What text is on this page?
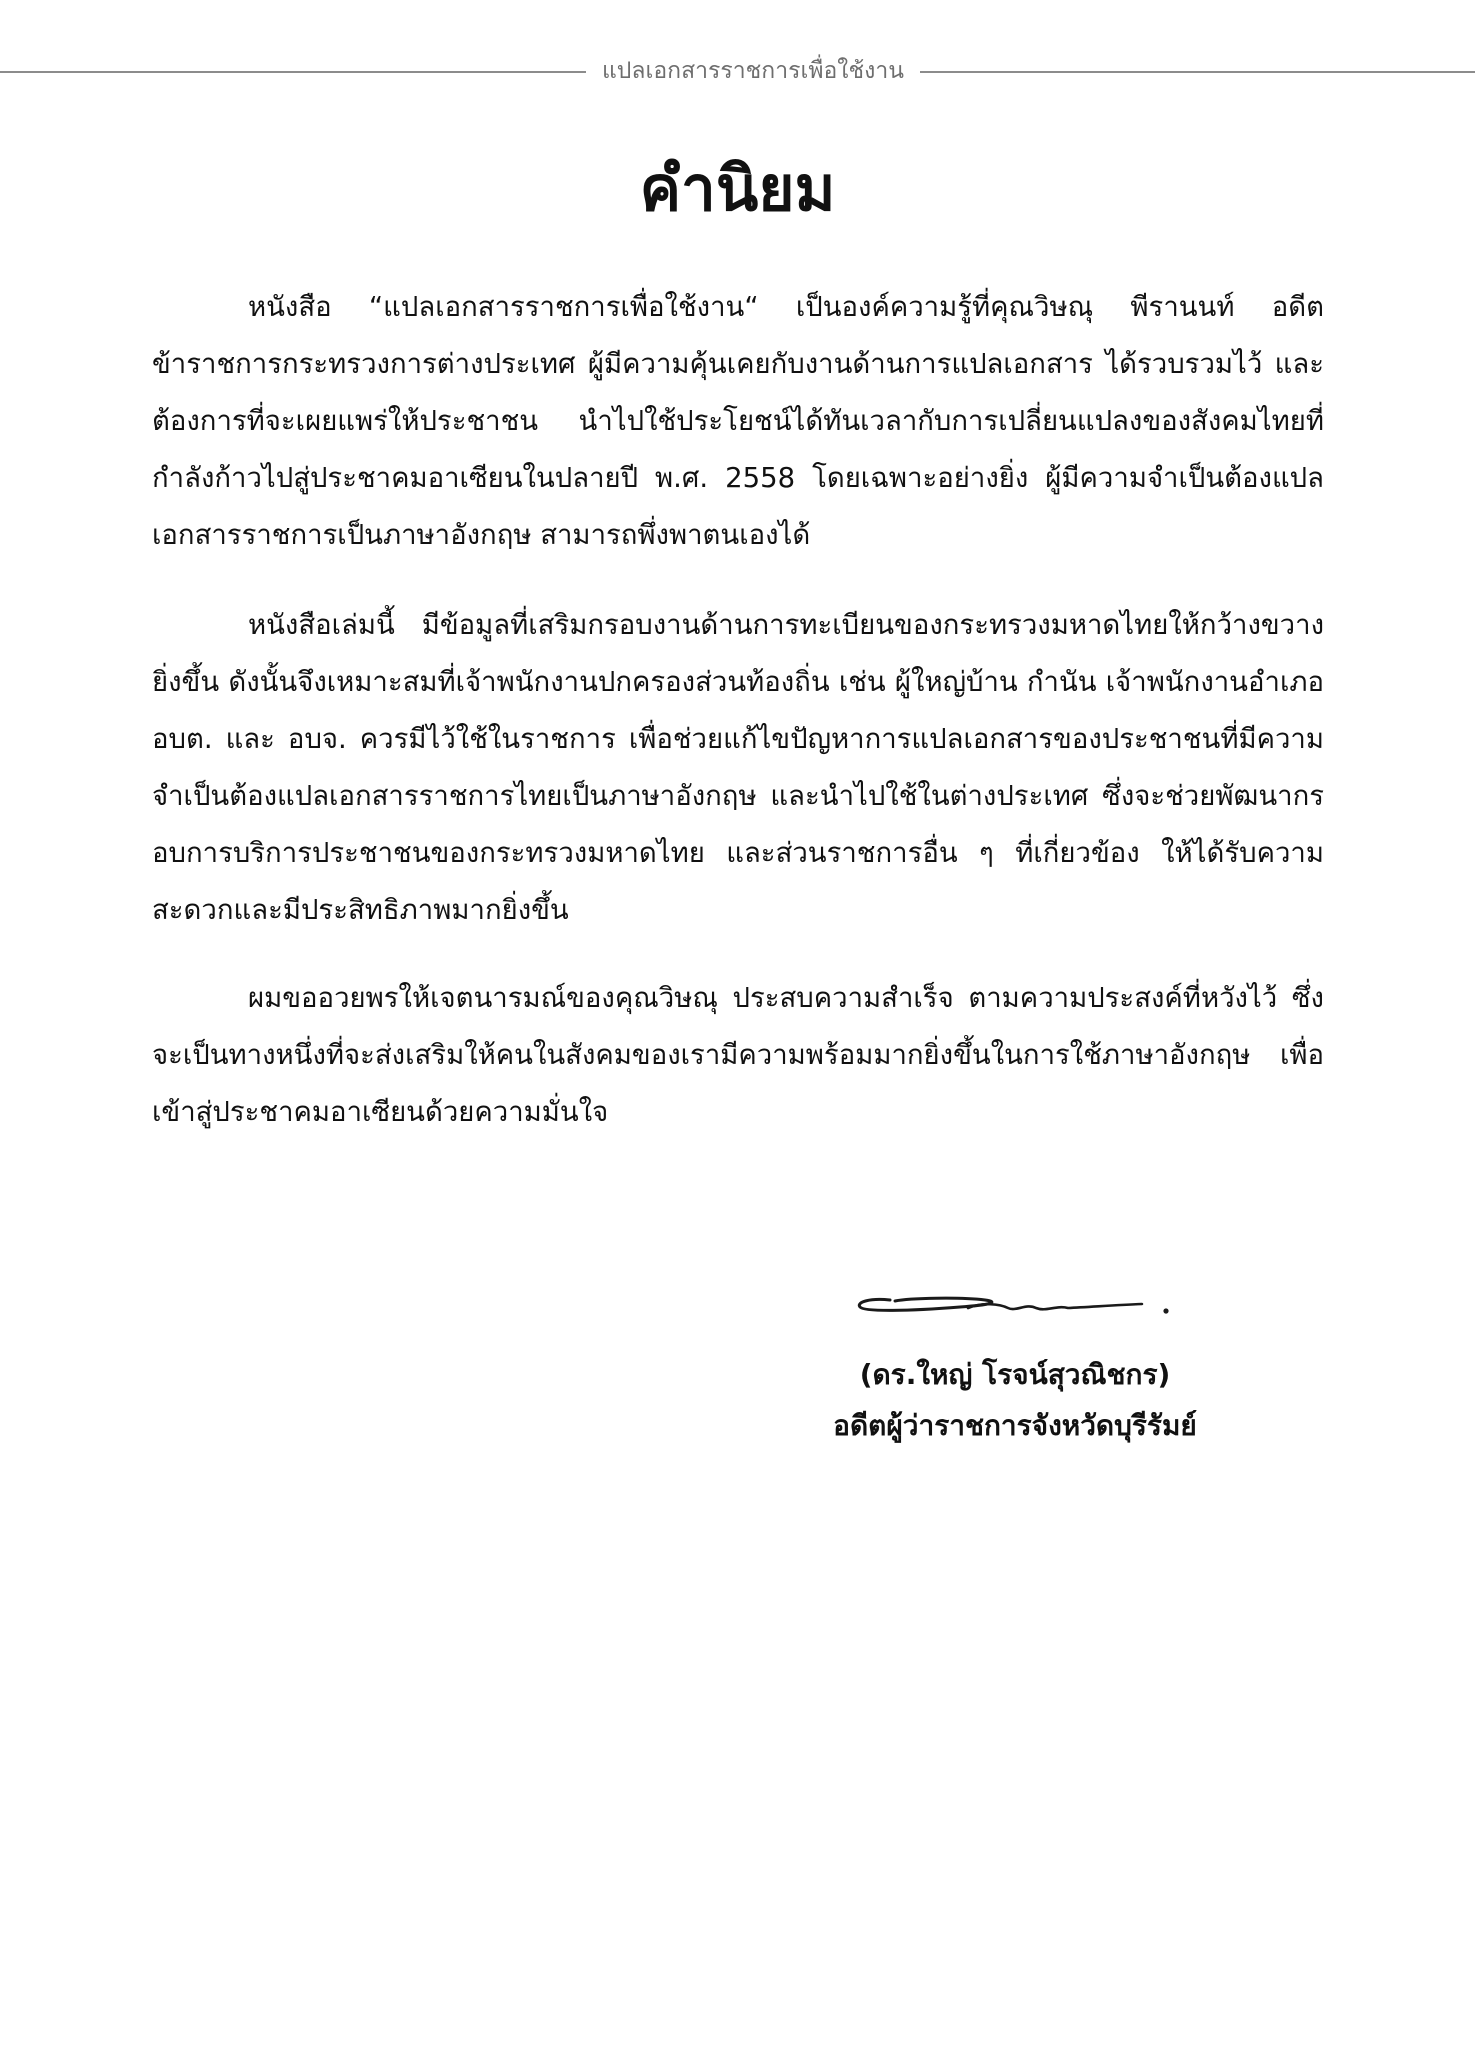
แปลเอกสารราชการเพื่อใช้งาน
คำนิยม

หนังสือ “แปลเอกสารราชการเพื่อใช้งาน“ เป็นองค์ความรู้ที่คุณวิษณุ พีรานนท์ อดีตข้าราชการกระทรวงการต่างประเทศ ผู้มีความคุ้นเคยกับงานด้านการแปลเอกสาร ได้รวบรวมไว้ และต้องการที่จะเผยแพร่ให้ประชาชน นำไปใช้ประโยชน์ได้ทันเวลากับการเปลี่ยนแปลงของสังคมไทยที่กำลังก้าวไปสู่ประชาคมอาเซียนในปลายปี พ.ศ. 2558 โดยเฉพาะอย่างยิ่ง ผู้มีความจำเป็นต้องแปลเอกสารราชการเป็นภาษาอังกฤษ สามารถพึ่งพาตนเองได้

หนังสือเล่มนี้ มีข้อมูลที่เสริมกรอบงานด้านการทะเบียนของกระทรวงมหาดไทยให้กว้างขวางยิ่งขึ้น ดังนั้นจึงเหมาะสมที่เจ้าพนักงานปกครองส่วนท้องถิ่น เช่น ผู้ใหญ่บ้าน กำนัน เจ้าพนักงานอำเภอ อบต. และ อบจ. ควรมีไว้ใช้ในราชการ เพื่อช่วยแก้ไขปัญหาการแปลเอกสารของประชาชนที่มีความจำเป็นต้องแปลเอกสารราชการไทยเป็นภาษาอังกฤษ และนำไปใช้ในต่างประเทศ ซึ่งจะช่วยพัฒนากรอบการบริการประชาชนของกระทรวงมหาดไทย และส่วนราชการอื่น ๆ ที่เกี่ยวข้อง ให้ได้รับความสะดวกและมีประสิทธิภาพมากยิ่งขึ้น

ผมขออวยพรให้เจตนารมณ์ของคุณวิษณุ ประสบความสำเร็จ ตามความประสงค์ที่หวังไว้ ซึ่งจะเป็นทางหนึ่งที่จะส่งเสริมให้คนในสังคมของเรามีความพร้อมมากยิ่งขึ้นในการใช้ภาษาอังกฤษ เพื่อเข้าสู่ประชาคมอาเซียนด้วยความมั่นใจ

(ดร.ใหญ่ โรจน์สุวณิชกร)
อดีตผู้ว่าราชการจังหวัดบุรีรัมย์
